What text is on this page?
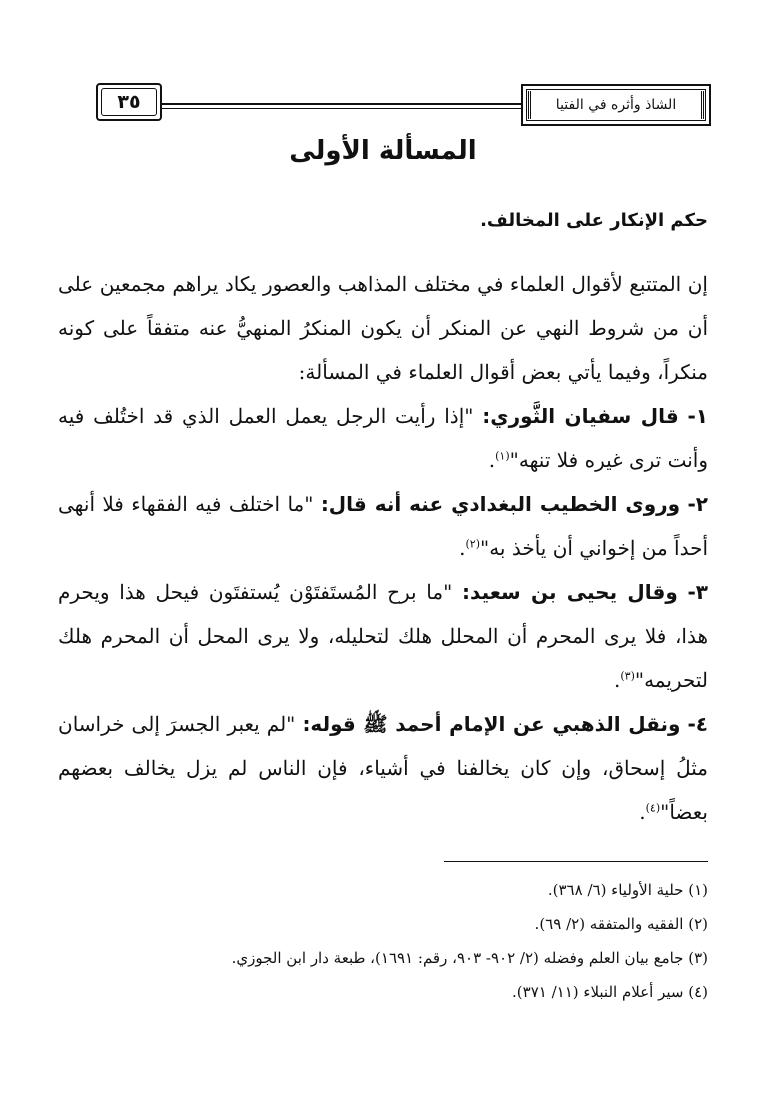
٣٥	الشاذ وأثره في الفتيا
المسألة الأولى
حكم الإنكار على المخالف.

إن المتتبع لأقوال العلماء في مختلف المذاهب والعصور يكاد يراهم مجمعين على أن من شروط النهي عن المنكر أن يكون المنكرُ المنهيُّ عنه متفقاً على كونه منكراً، وفيما يأتي بعض أقوال العلماء في المسألة:

١- قال سفيان الثَّوري: "إذا رأيت الرجل يعمل العمل الذي قد اختُلف فيه وأنت ترى غيره فلا تنهه"$^{(١)}$.

٢- وروى الخطيب البغدادي عنه أنه قال: "ما اختلف فيه الفقهاء فلا أنهى أحداً من إخواني أن يأخذ به"$^{(٢)}$.

٣- وقال يحيى بن سعيد: "ما برح المُستَفتَوْن يُستفتَون فيحل هذا ويحرم هذا، فلا يرى المحرم أن المحلل هلك لتحليله، ولا يرى المحل أن المحرم هلك لتحريمه"$^{(٣)}$.

٤- ونقل الذهبي عن الإمام أحمد ﷺ قوله: "لم يعبر الجسرَ إلى خراسان مثلُ إسحاق، وإن كان يخالفنا في أشياء، فإن الناس لم يزل يخالف بعضهم بعضاً"$^{(٤)}$.

(١) حلية الأولياء (٦/ ٣٦٨).
(٢) الفقيه والمتفقه (٢/ ٦٩).
(٣) جامع بيان العلم وفضله (٢/ ٩٠٢- ٩٠٣، رقم: ١٦٩١)، طبعة دار ابن الجوزي.
(٤) سير أعلام النبلاء (١١/ ٣٧١).
